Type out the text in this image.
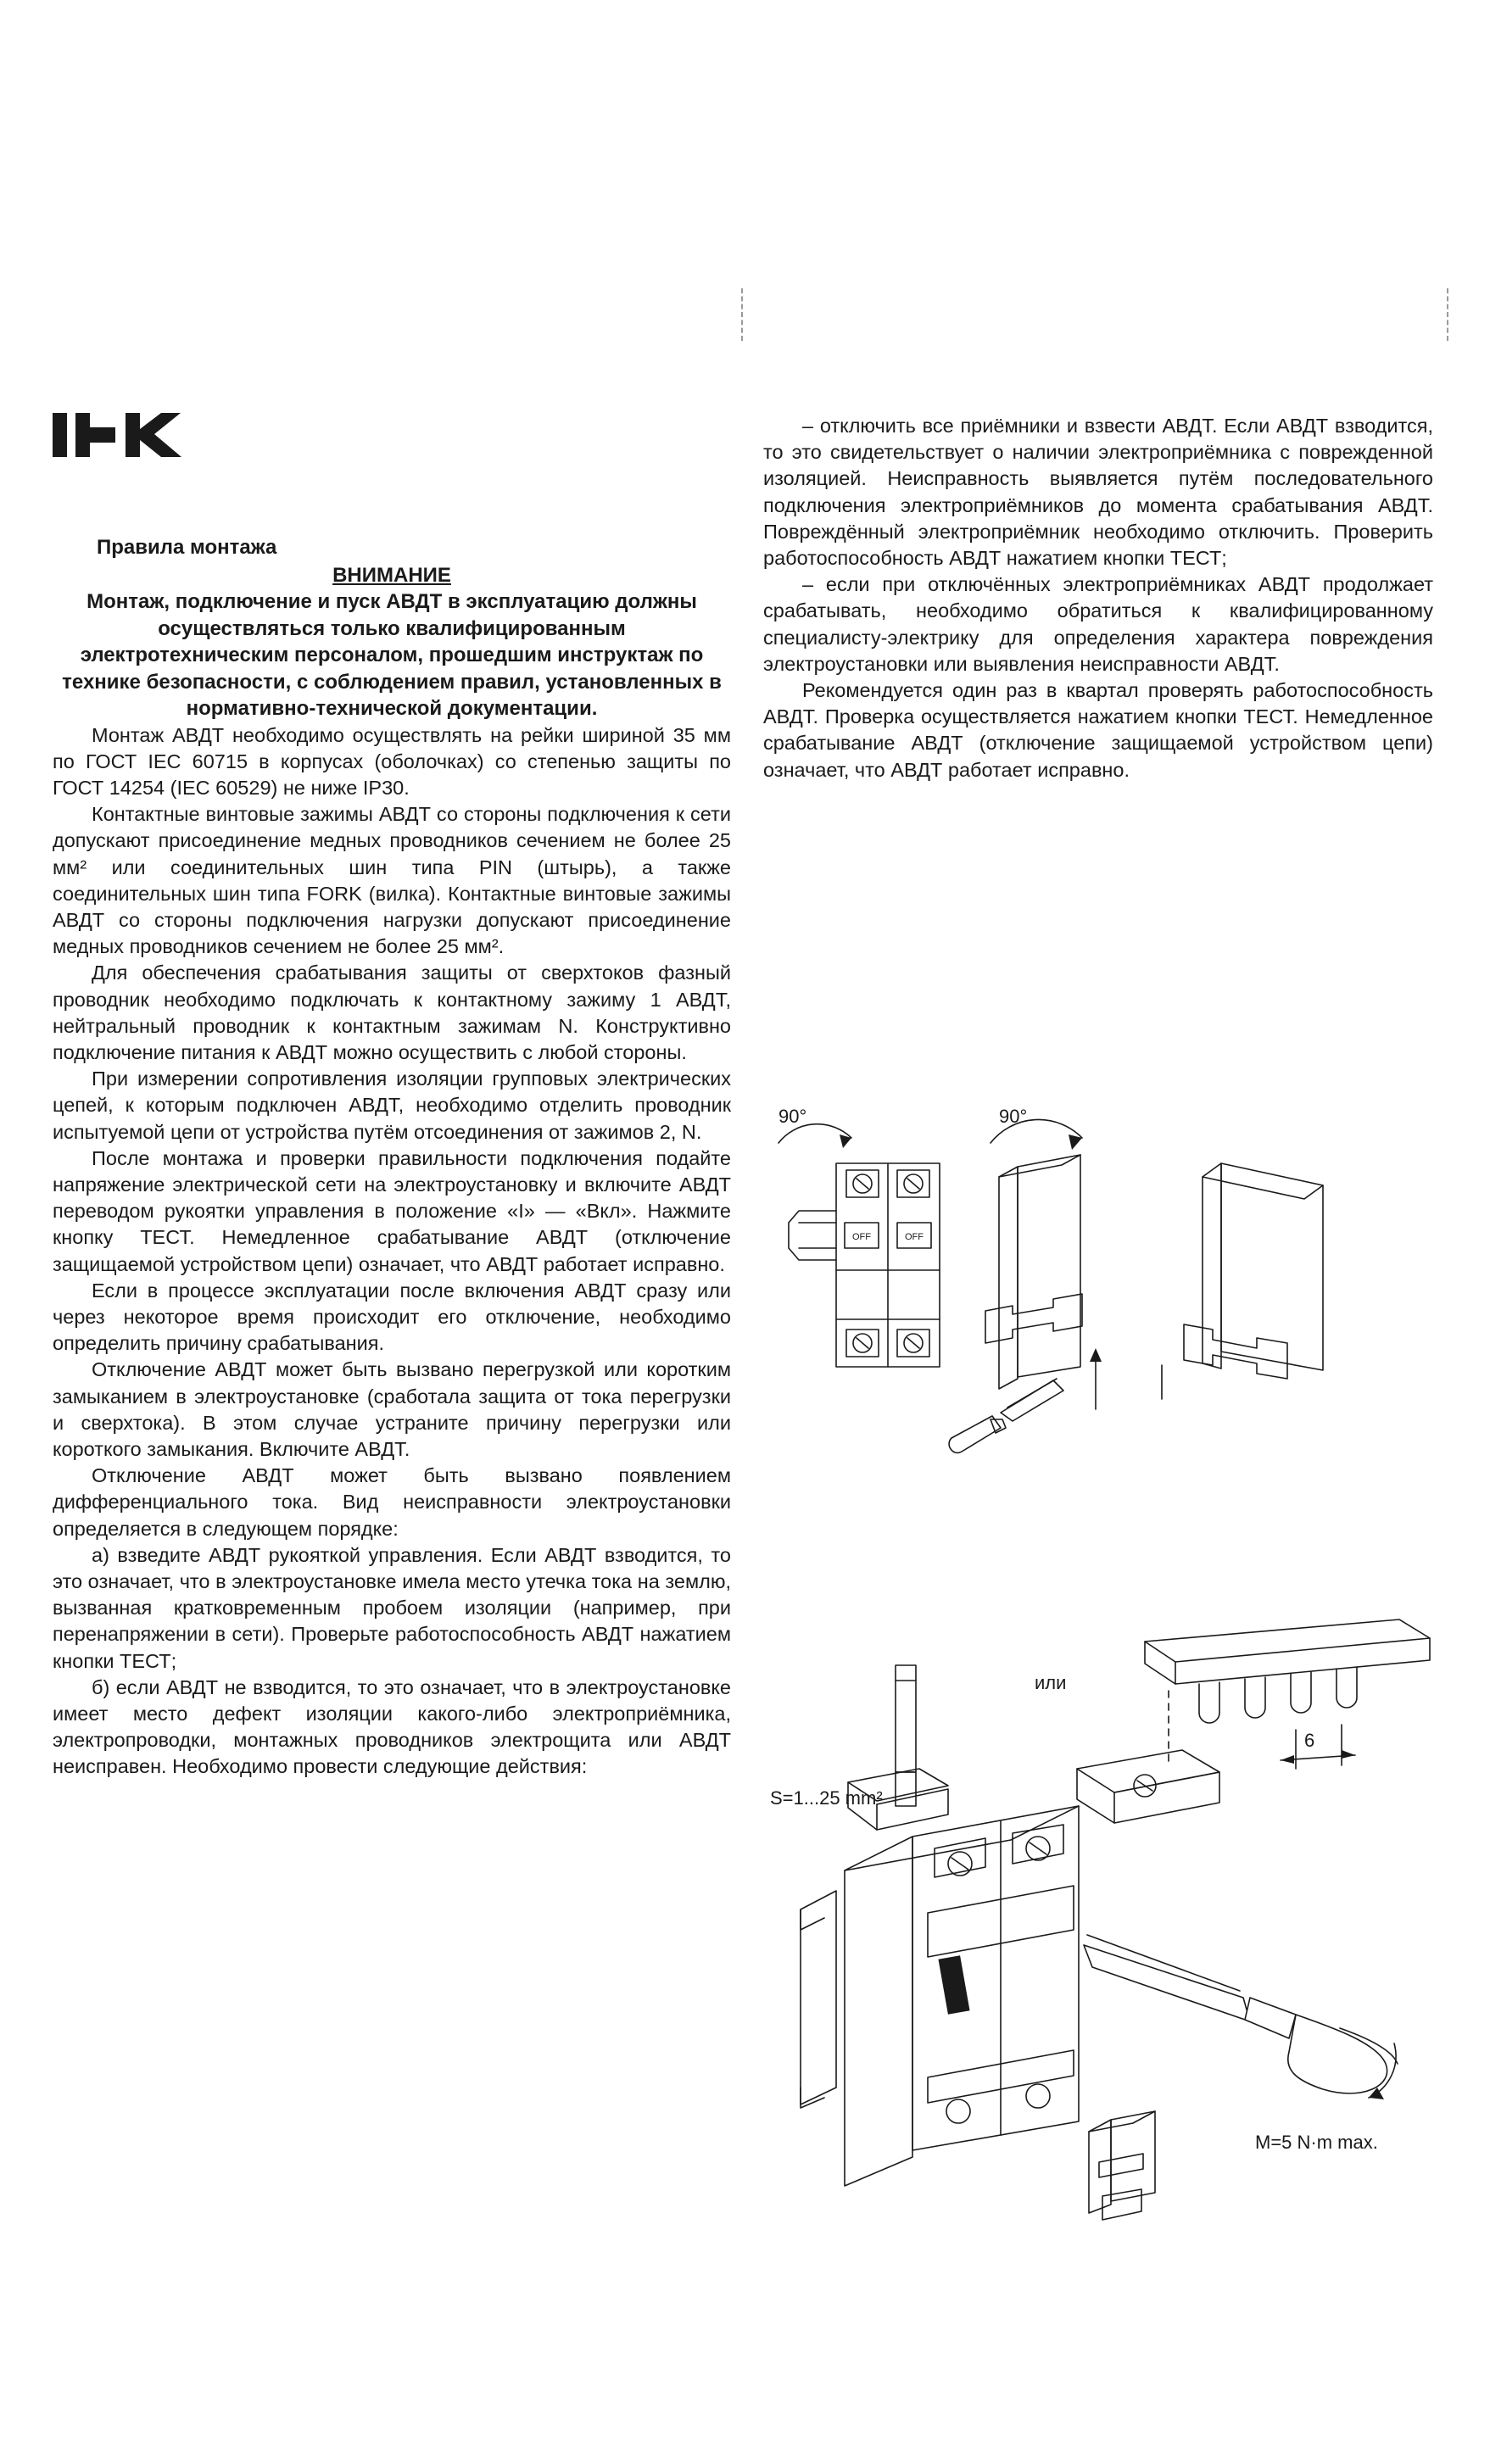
Правила монтажа

ВНИМАНИЕ

Монтаж, подключение и пуск АВДТ в эксплуатацию должны осуществляться только квалифицированным электротехническим персоналом, прошедшим инструктаж по технике безопасности, с соблюдением правил, установленных в нормативно-технической документации.

Монтаж АВДТ необходимо осуществлять на рейки шириной 35 мм по ГОСТ IEC 60715 в корпусах (оболочках) со степенью защиты по ГОСТ 14254 (IEC 60529) не ниже IP30.

Контактные винтовые зажимы АВДТ со стороны подключения к сети допускают присоединение медных проводников сечением не более 25 мм² или соединительных шин типа PIN (штырь), а также соединительных шин типа FORK (вилка). Контактные винтовые зажимы АВДТ со стороны подключения нагрузки допускают присоединение медных проводников сечением не более 25 мм².

Для обеспечения срабатывания защиты от сверхтоков фазный проводник необходимо подключать к контактному зажиму 1 АВДТ, нейтральный проводник к контактным зажимам N. Конструктивно подключение питания к АВДТ можно осуществить с любой стороны.

При измерении сопротивления изоляции групповых электрических цепей, к которым подключен АВДТ, необходимо отделить проводник испытуемой цепи от устройства путём отсоединения от зажимов 2, N.

После монтажа и проверки правильности подключения подайте напряжение электрической сети на электроустановку и включите АВДТ переводом рукоятки управления в положение «I» — «Вкл». Нажмите кнопку ТЕСТ. Немедленное срабатывание АВДТ (отключение защищаемой устройством цепи) означает, что АВДТ работает исправно.

Если в процессе эксплуатации после включения АВДТ сразу или через некоторое время происходит его отключение, необходимо определить причину срабатывания.

Отключение АВДТ может быть вызвано перегрузкой или коротким замыканием в электроустановке (сработала защита от тока перегрузки и сверхтока). В этом случае устраните причину перегрузки или короткого замыкания. Включите АВДТ.

Отключение АВДТ может быть вызвано появлением дифференциального тока. Вид неисправности электроустановки определяется в следующем порядке:

а) взведите АВДТ рукояткой управления. Если АВДТ взводится, то это означает, что в электроустановке имела место утечка тока на землю, вызванная кратковременным пробоем изоляции (например, при перенапряжении в сети). Проверьте работоспособность АВДТ нажатием кнопки ТЕСТ;

б) если АВДТ не взводится, то это означает, что в электроустановке имеет место дефект изоляции какого-либо электроприёмника, электропроводки, монтажных проводников электрощита или АВДТ неисправен. Необходимо провести следующие действия:

– отключить все приёмники и взвести АВДТ. Если АВДТ взводится, то это свидетельствует о наличии электроприёмника с поврежденной изоляцией. Неисправность выявляется путём последовательного подключения электроприёмников до момента срабатывания АВДТ. Повреждённый электроприёмник необходимо отключить. Проверить работоспособность АВДТ нажатием кнопки ТЕСТ;

– если при отключённых электроприёмниках АВДТ продолжает срабатывать, необходимо обратиться к квалифицированному специалисту-электрику для определения характера повреждения электроустановки или выявления неисправности АВДТ.

Рекомендуется один раз в квартал проверять работоспособность АВДТ. Проверка осуществляется нажатием кнопки ТЕСТ. Немедленное срабатывание АВДТ (отключение защищаемой устройством цепи) означает, что АВДТ работает исправно.

OFF	OFF
90°	90°
или
6
S=1...25 mm²
M=5 N·m max.
